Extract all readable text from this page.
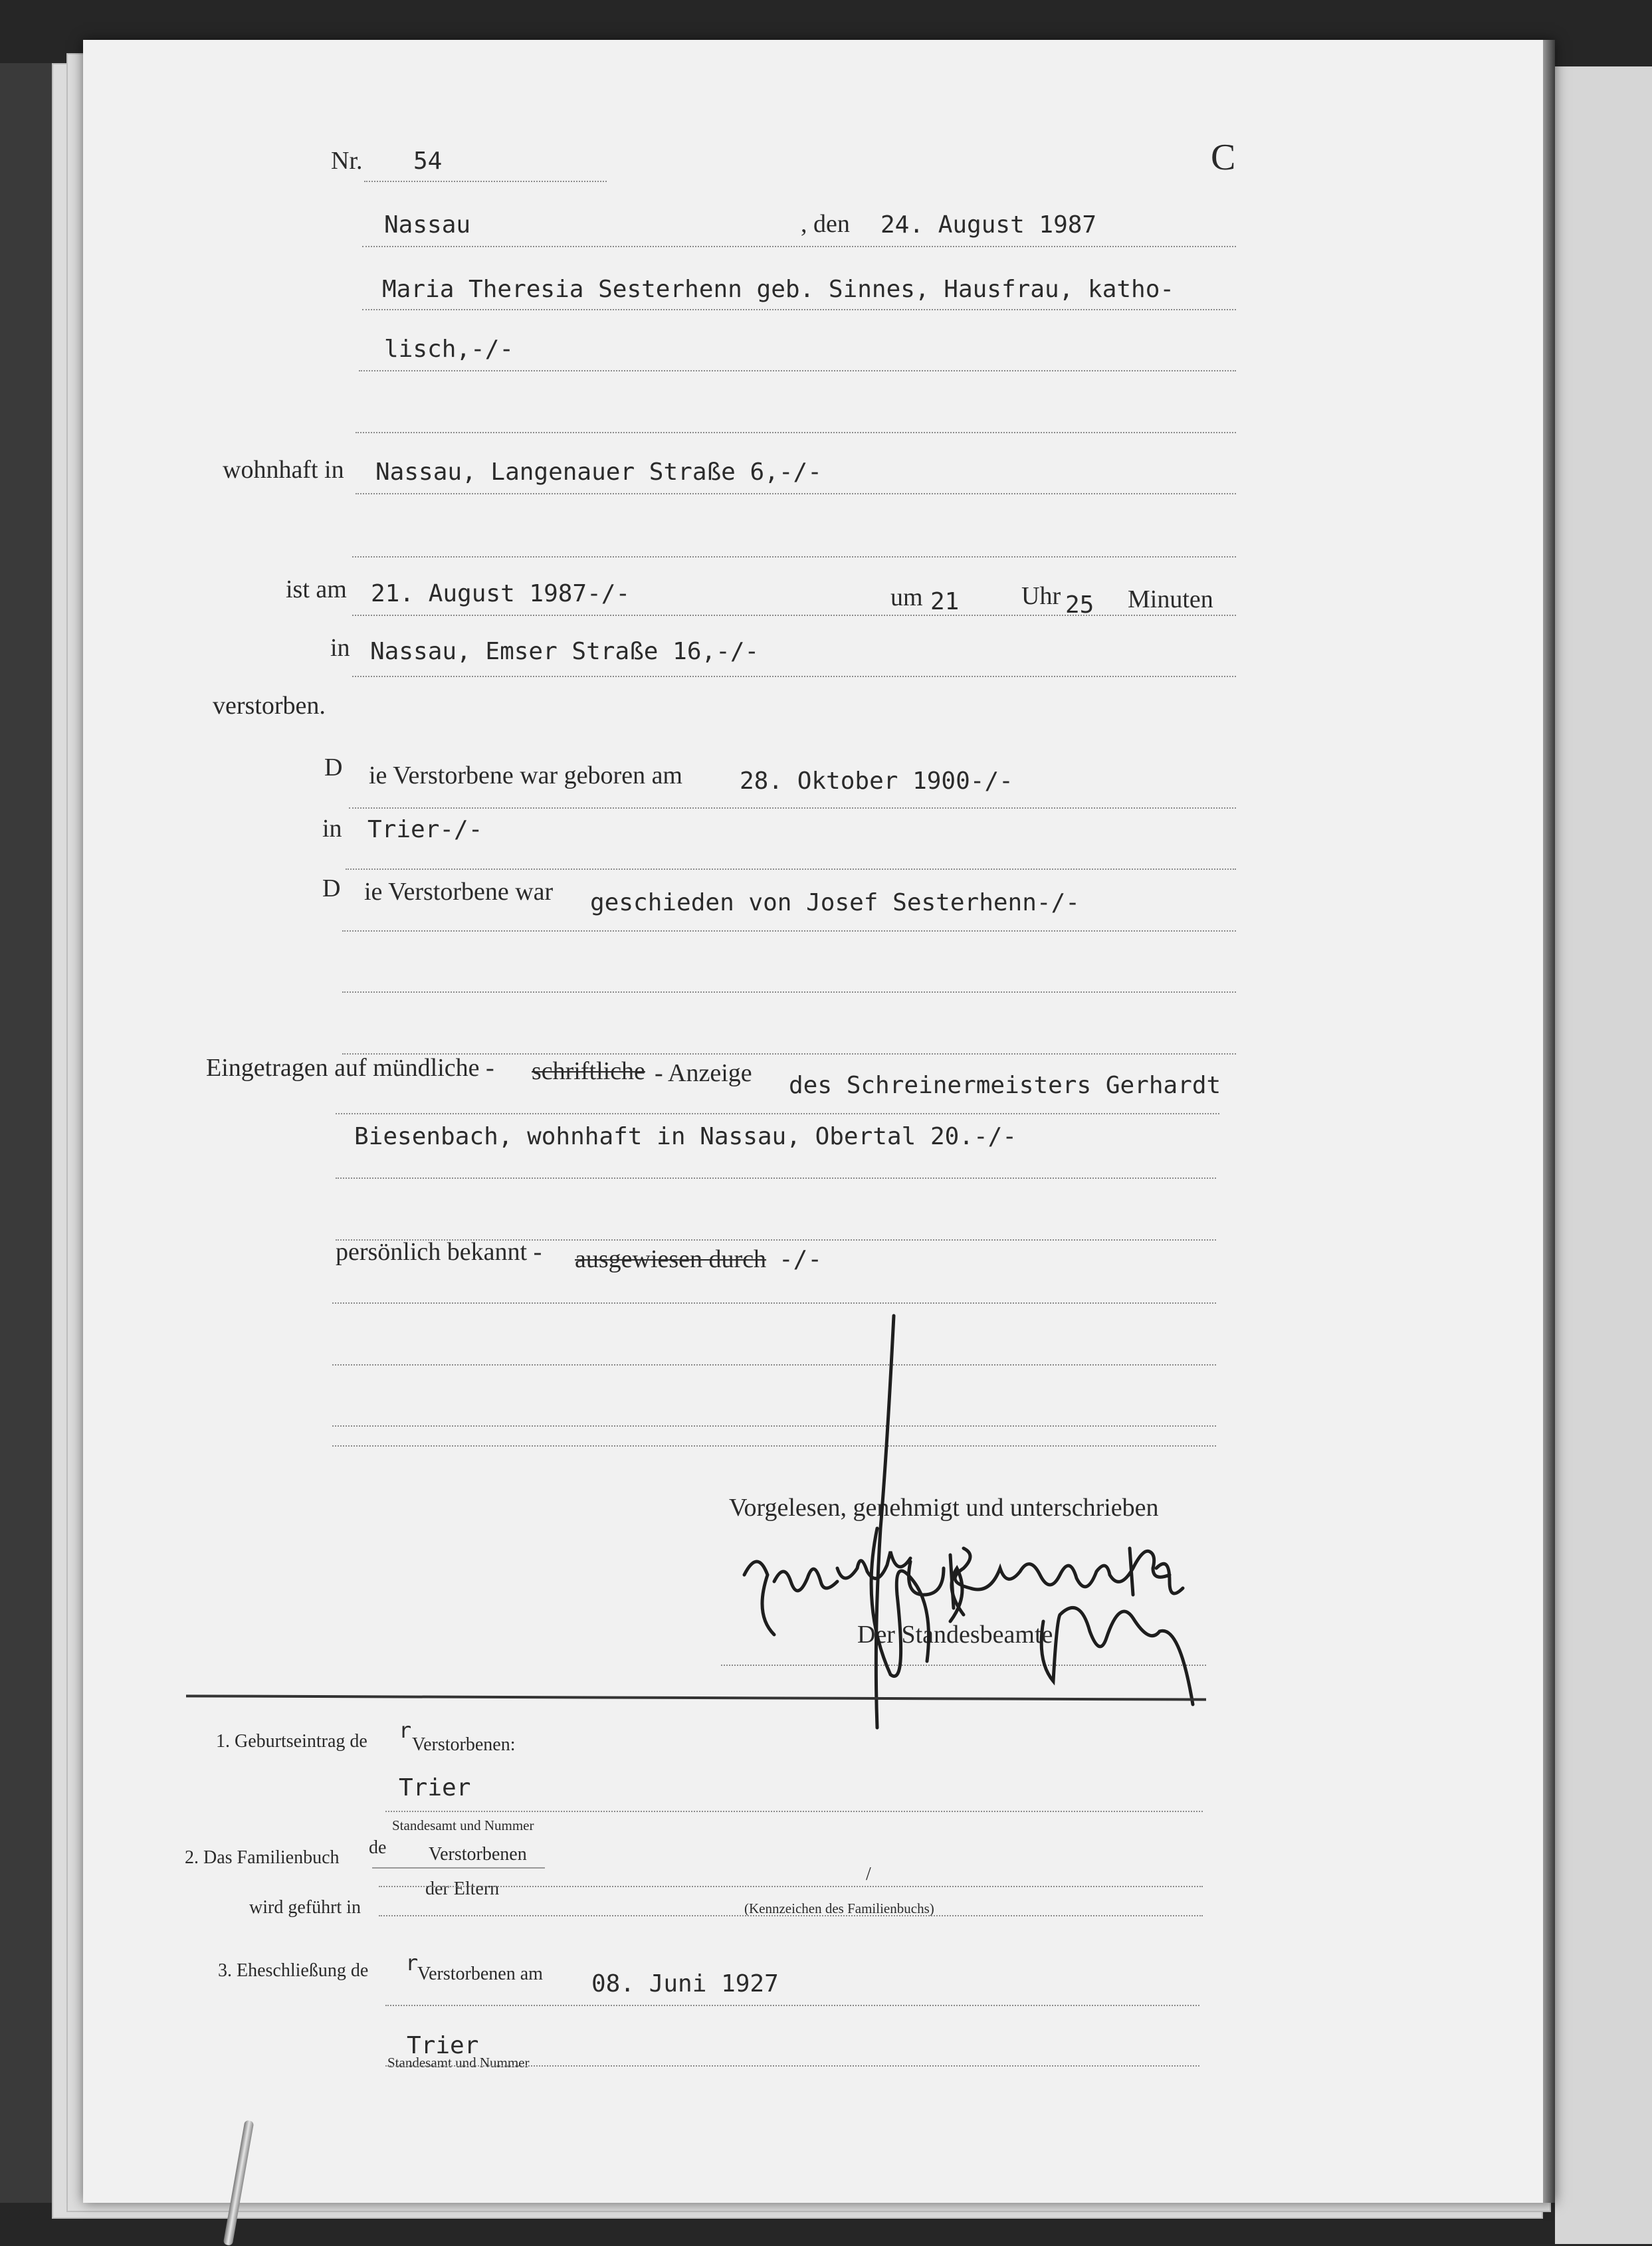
Nr. 54	C
Nassau	, den 24. August 1987
Maria Theresia Sesterhenn geb. Sinnes, Hausfrau, katho-
lisch,-/-
wohnhaft in Nassau, Langenauer Straße 6,-/-
ist am 21. August 1987-/-	um 21 Uhr 25 Minuten
in Nassau, Emser Straße 16,-/-
verstorben.
D ie Verstorbene war geboren am 28. Oktober 1900-/-
in Trier-/-
D ie Verstorbene war geschieden von Josef Sesterhenn-/-
Eingetragen auf mündliche - schriftliche - Anzeige des Schreinermeisters Gerhardt
Biesenbach, wohnhaft in Nassau, Obertal 20.-/-
persönlich bekannt - ausgewiesen durch -/-
Vorgelesen, genehmigt und unterschrieben
Der Standesbeamte
1. Geburtseintrag de r
Verstorbenen:
Trier
Standesamt und Nummer
2. Das Familienbuch de Verstorbenen
der Eltern
/
wird geführt in	(Kennzeichen des Familienbuchs)
3. Eheschließung de r
Verstorbenen am 08. Juni 1927
Trier
Standesamt und Nummer
